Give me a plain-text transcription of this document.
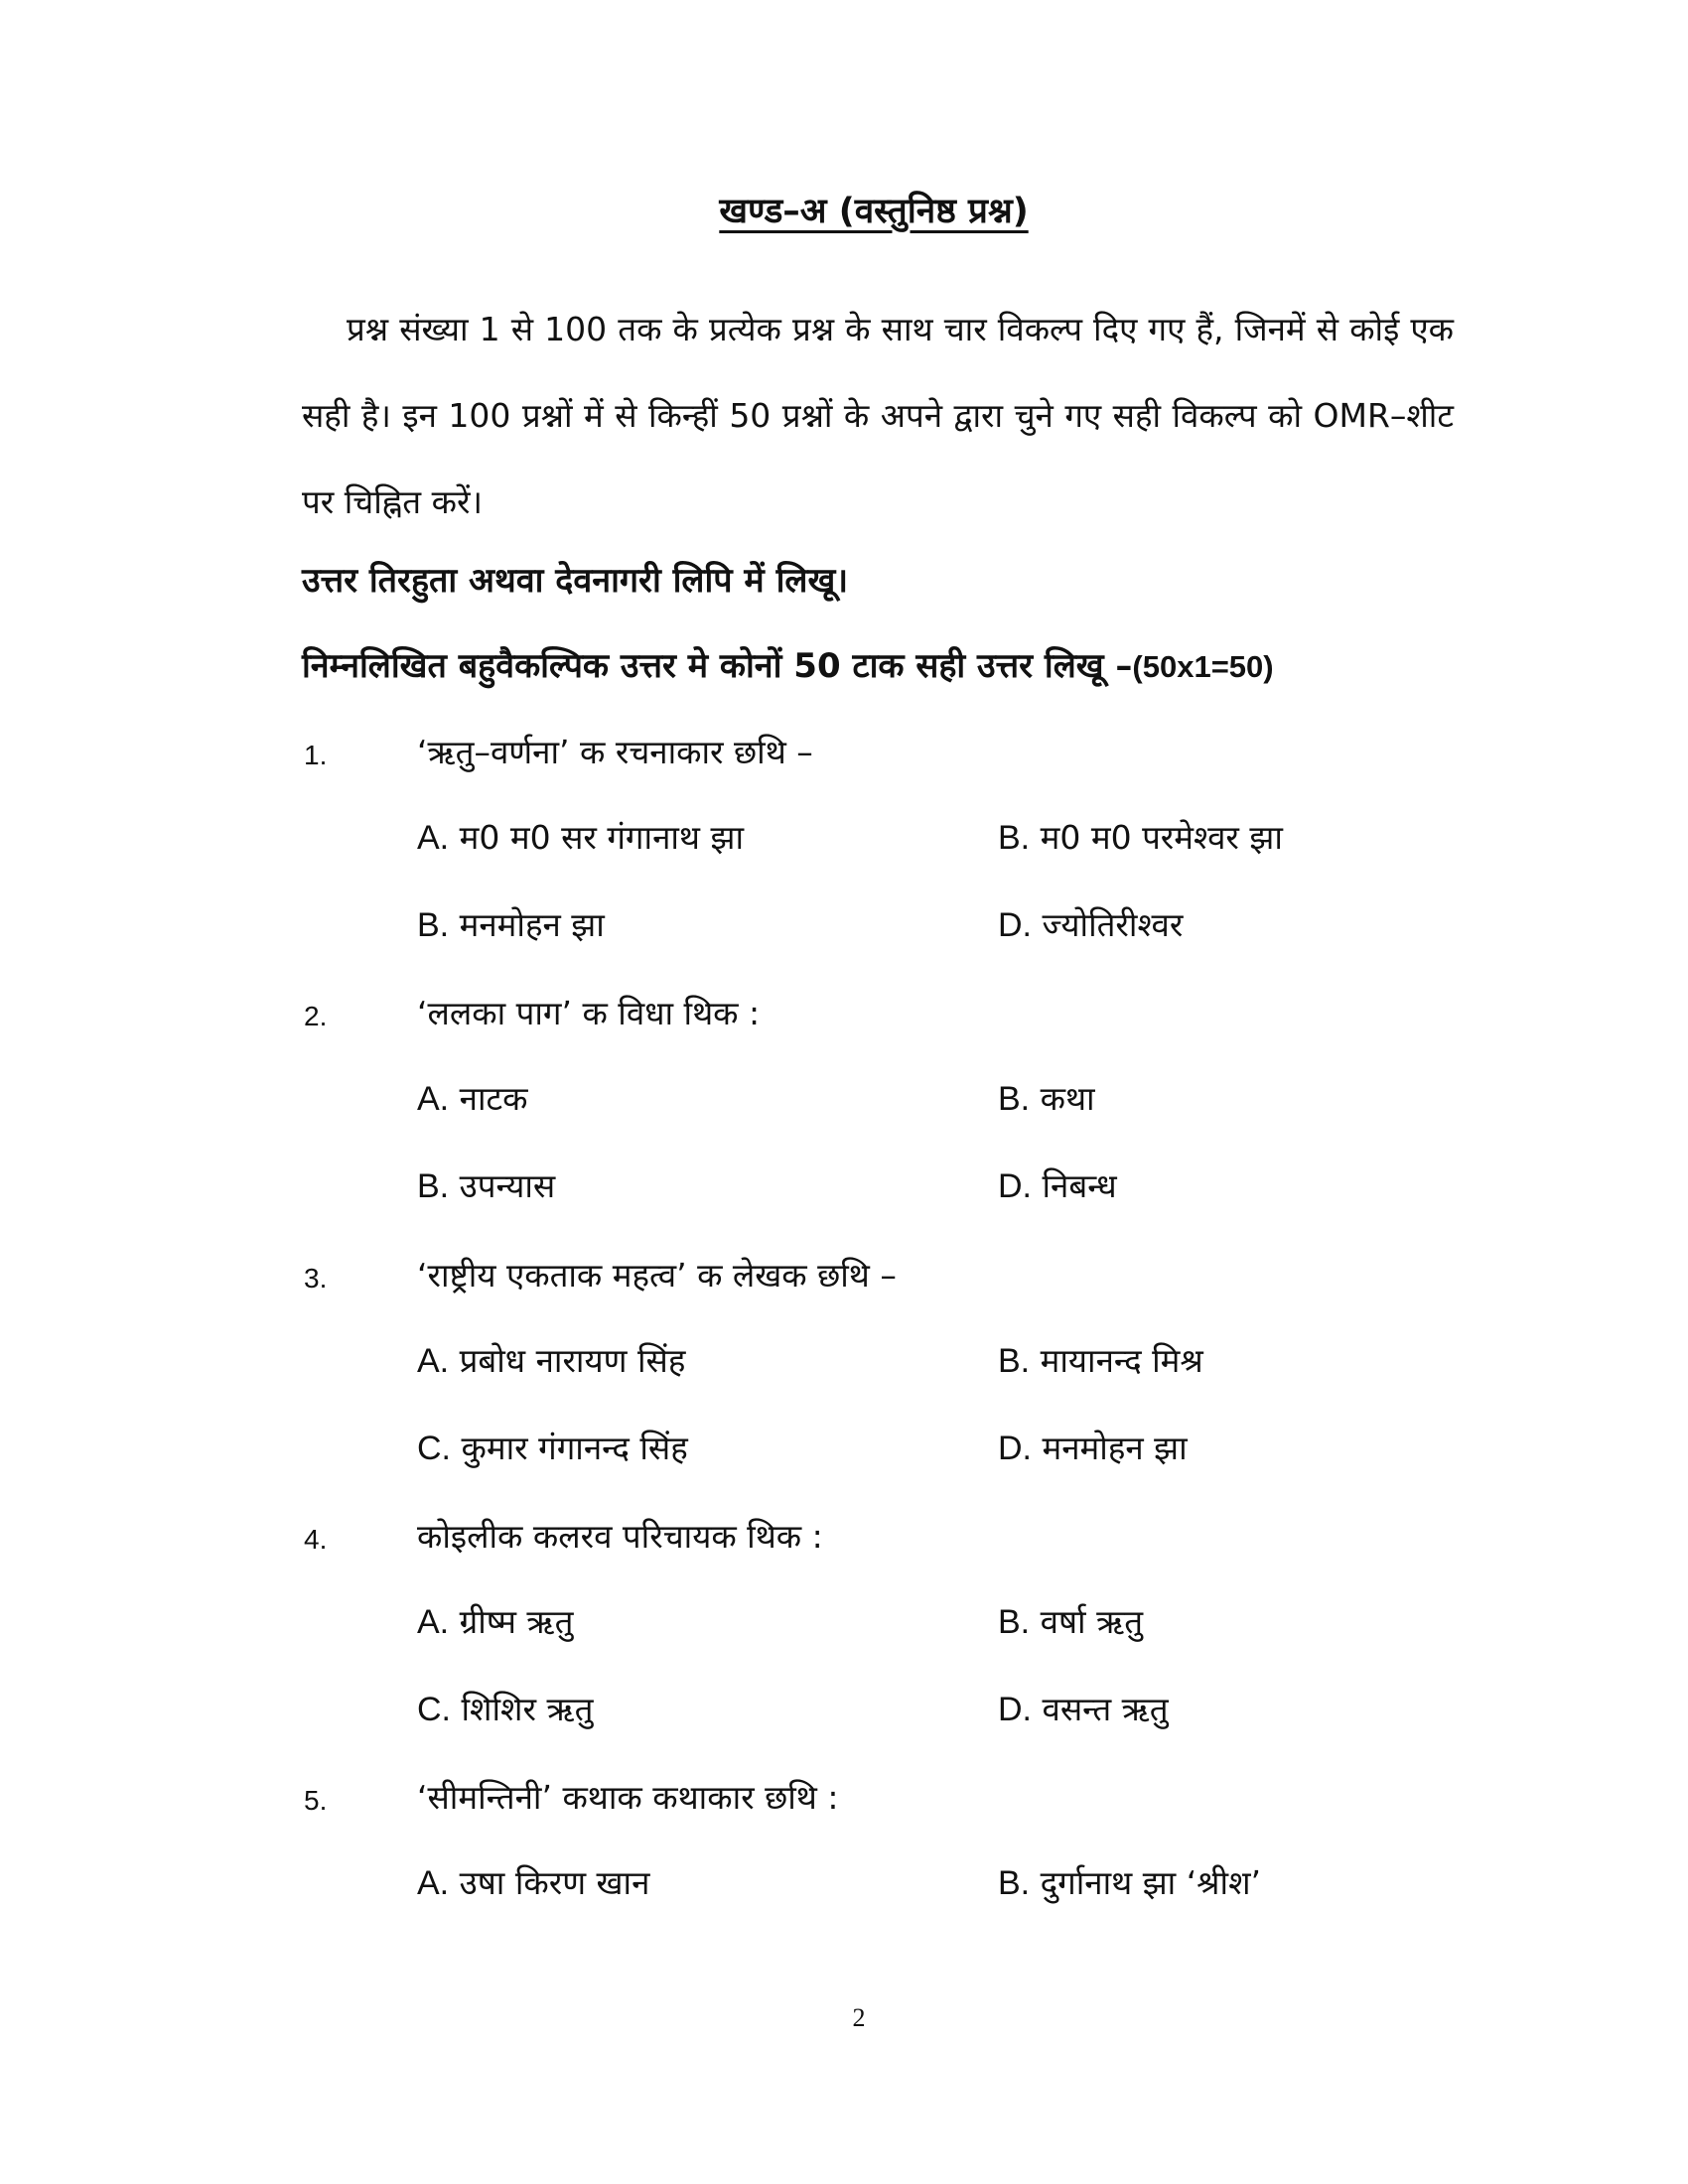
खण्ड–अ (वस्तुनिष्ठ प्रश्न)

प्रश्न संख्या 1 से 100 तक के प्रत्येक प्रश्न के साथ चार विकल्प दिए गए हैं, जिनमें से कोई एक सही है। इन 100 प्रश्नों में से किन्हीं 50 प्रश्नों के अपने द्वारा चुने गए सही विकल्प को OMR–शीट पर चिह्नित करें।

उत्तर तिरहुता अथवा देवनागरी लिपि में लिखू।
निम्नलिखित बहुवैकल्पिक उत्तर मे कोनों 50 टाक सही उत्तर लिखू –(50x1=50)
1.	‘ऋतु–वर्णना’ क रचनाकार छथि –
A. म0 म0 सर गंगानाथ झा	B. म0 म0 परमेश्वर झा
B. मनमोहन झा	D. ज्योतिरीश्वर
2.	‘ललका पाग’ क विधा थिक :
A. नाटक	B. कथा
B. उपन्यास	D. निबन्ध
3.	‘राष्ट्रीय एकताक महत्व’ क लेखक छथि –
A. प्रबोध नारायण सिंह	B. मायानन्द मिश्र
C. कुमार गंगानन्द सिंह	D. मनमोहन झा
4.	कोइलीक कलरव परिचायक थिक :
A. ग्रीष्म ऋतु	B. वर्षा ऋतु
C. शिशिर ऋतु	D. वसन्त ऋतु
5.	‘सीमन्तिनी’ कथाक कथाकार छथि :
A. उषा किरण खान	B. दुर्गानाथ झा ‘श्रीश’
2
